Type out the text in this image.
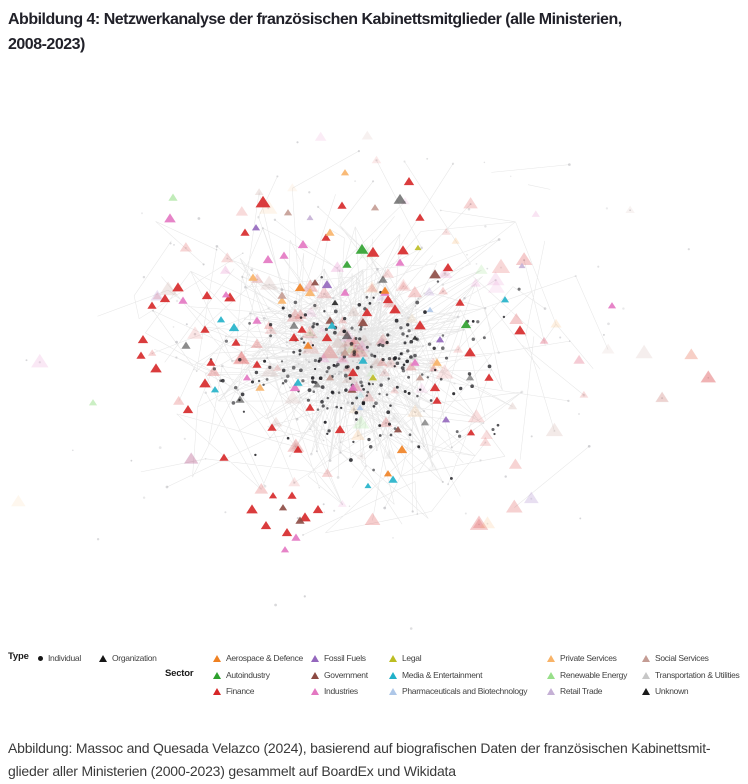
Abbildung 4: Netzwerkanalyse der französischen Kabinettsmitglieder (alle Ministerien,
2008-2023)
Type Individual	Organization
Sector
Aerospace & Defence
Autoindustry
Finance
Fossil Fuels
Government
Industries
Legal
Media & Entertainment
Pharmaceuticals and Biotechnology
Private Services
Renewable Energy
Retail Trade
Social Services
Transportation & Utilities
Unknown
Abbildung: Massoc and Quesada Velazco (2024), basierend auf biografischen Daten der französischen Kabinettsmit-
glieder aller Ministerien (2000-2023) gesammelt auf BoardEx und Wikidata
